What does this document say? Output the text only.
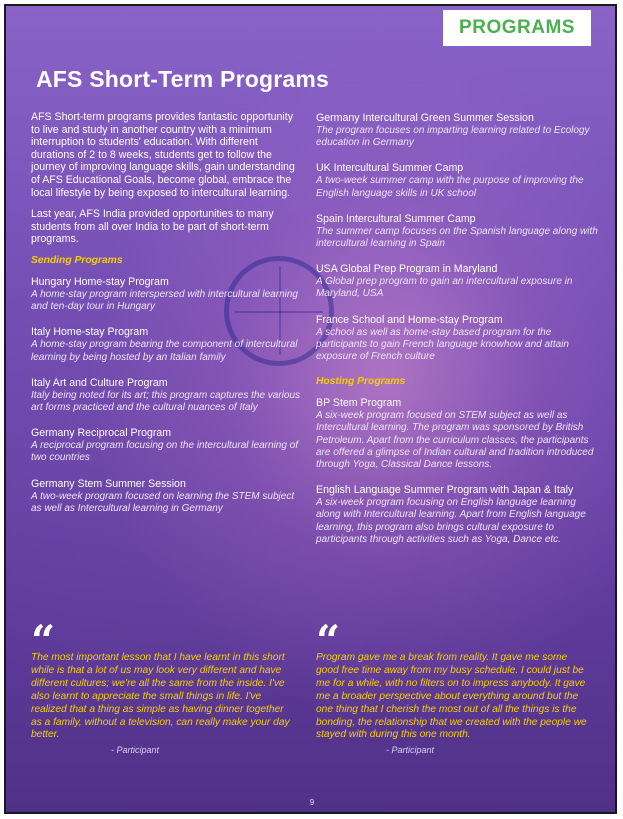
PROGRAMS
AFS Short-Term Programs

AFS Short-term programs provides fantastic opportunity to live and study in another country with a minimum interruption to students' education. With different durations of 2 to 8 weeks, students get to follow the journey of improving language skills, gain understanding of AFS Educational Goals, become global, embrace the local lifestyle by being exposed to intercultural learning.

Last year, AFS India provided opportunities to many students from all over India to be part of short-term programs.

Sending Programs
Hungary Home-stay Program
A home-stay program interspersed with intercultural learning and ten-day tour in Hungary
Italy Home-stay Program
A home-stay program bearing the component of intercultural learning by being hosted by an Italian family
Italy Art and Culture Program
Italy being noted for its art; this program captures the various art forms practiced and the cultural nuances of Italy
Germany Reciprocal Program
A reciprocal program focusing on the intercultural learning of two countries
Germany Stem Summer Session
A two-week program focused on learning the STEM subject as well as Intercultural learning in Germany
Germany Intercultural Green Summer Session
The program focuses on imparting learning related to Ecology education in Germany
UK Intercultural Summer Camp
A two-week summer camp with the purpose of improving the English language skills in UK school
Spain Intercultural Summer Camp
The summer camp focuses on the Spanish language along with intercultural learning in Spain
USA Global Prep Program in Maryland
A Global prep program to gain an intercultural exposure in Maryland, USA
France School and Home-stay Program
A school as well as home-stay based program for the participants to gain French language knowhow and attain exposure of French culture
Hosting Programs
BP Stem Program
A six-week program focused on STEM subject as well as Intercultural learning. The program was sponsored by British Petroleum. Apart from the curriculum classes, the participants are offered a glimpse of Indian cultural and tradition introduced through Yoga, Classical Dance lessons.
English Language Summer Program with Japan & Italy
A six-week program focusing on English language learning along with Intercultural learning. Apart from English language learning, this program also brings cultural exposure to participants through activities such as Yoga, Dance etc.
“
The most important lesson that I have learnt in this short while is that a lot of us may look very different and have different cultures; we're all the same from the inside. I've also learnt to appreciate the small things in life. I've realized that a thing as simple as having dinner together as a family, without a television, can really make your day better.
- Participant
“
Program gave me a break from reality. It gave me some good free time away from my busy schedule. I could just be me for a while, with no filters on to impress anybody. It gave me a broader perspective about everything around but the one thing that I cherish the most out of all the things is the bonding, the relationship that we created with the people we stayed with during this one month.
- Participant
9
